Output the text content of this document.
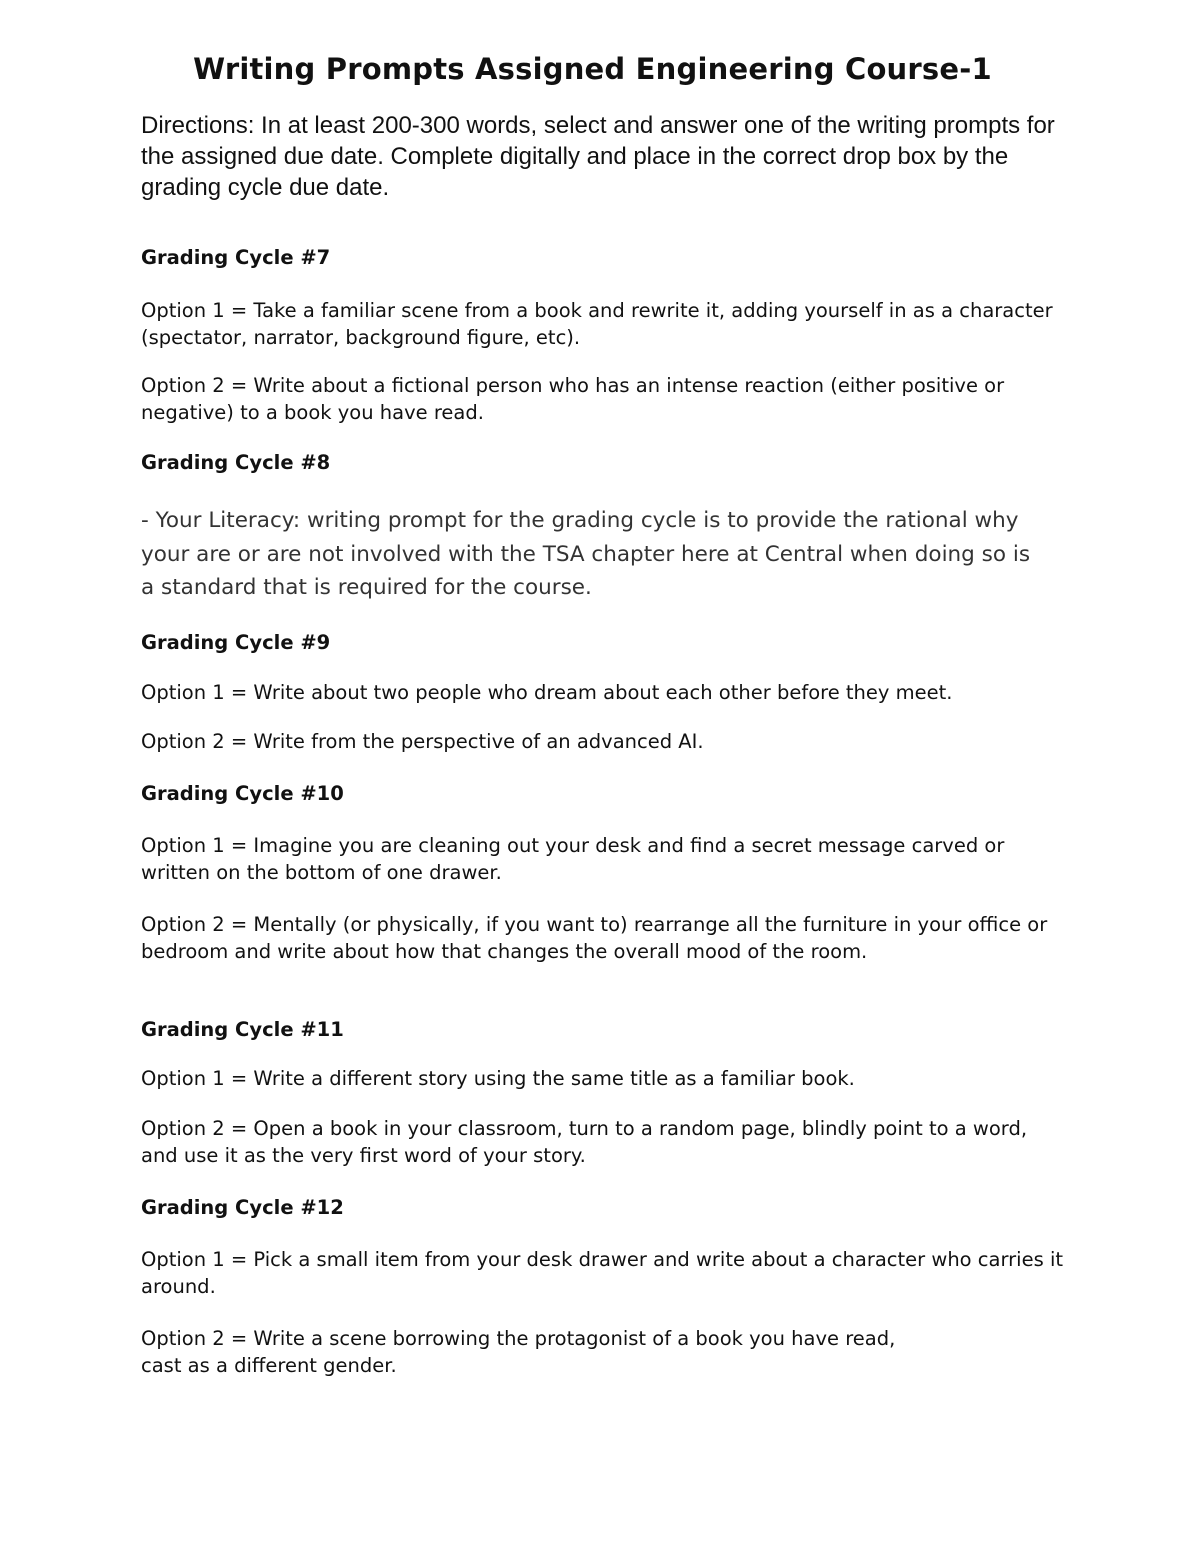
Writing Prompts Assigned Engineering Course-1
Directions: In at least 200-300 words, select and answer one of the writing prompts for the assigned due date. Complete digitally and place in the correct drop box by the grading cycle due date.
Grading Cycle #7
Option 1 = Take a familiar scene from a book and rewrite it, adding yourself in as a character (spectator, narrator, background figure, etc).
Option 2 = Write about a fictional person who has an intense reaction (either positive or negative) to a book you have read.
Grading Cycle #8
- Your Literacy: writing prompt for the grading cycle is to provide the rational why your are or are not involved with the TSA chapter here at Central when doing so is a standard that is required for the course.
Grading Cycle #9
Option 1 = Write about two people who dream about each other before they meet.
Option 2 = Write from the perspective of an advanced AI.
Grading Cycle #10
Option 1 = Imagine you are cleaning out your desk and find a secret message carved or written on the bottom of one drawer.
Option 2 = Mentally (or physically, if you want to) rearrange all the furniture in your office or bedroom and write about how that changes the overall mood of the room.
Grading Cycle #11
Option 1 = Write a different story using the same title as a familiar book.
Option 2 = Open a book in your classroom, turn to a random page, blindly point to a word, and use it as the very first word of your story.
Grading Cycle #12
Option 1 = Pick a small item from your desk drawer and write about a character who carries it around.
Option 2 = Write a scene borrowing the protagonist of a book you have read, cast as a different gender.
